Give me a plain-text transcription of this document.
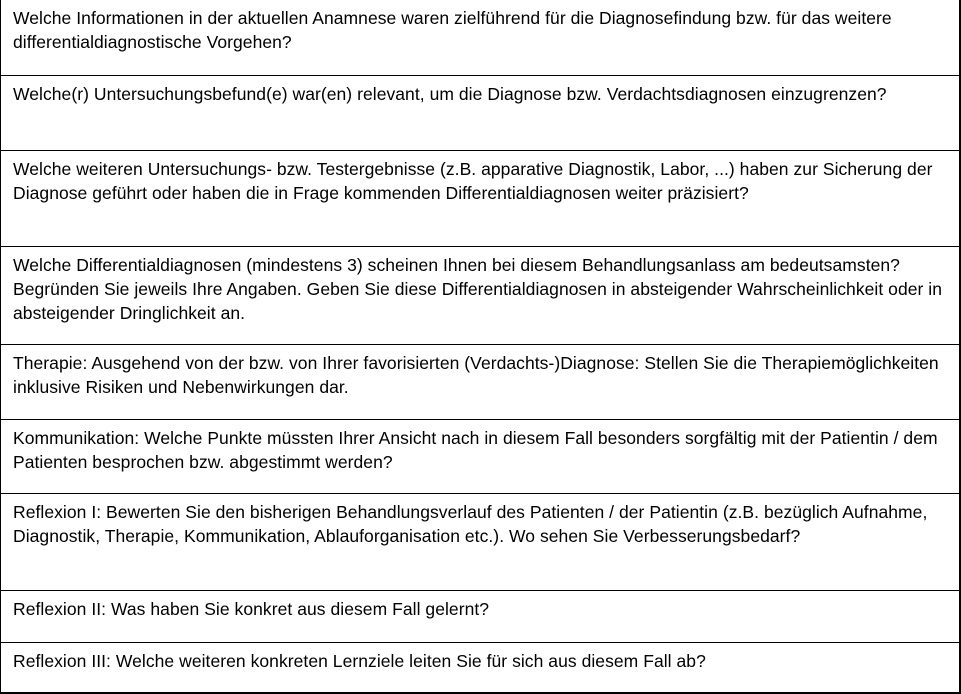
Welche Informationen in der aktuellen Anamnese waren zielführend für die Diagnosefindung bzw. für das weitere differentialdiagnostische Vorgehen?
Welche(r) Untersuchungsbefund(e) war(en) relevant, um die Diagnose bzw. Verdachtsdiagnosen einzugrenzen?
Welche weiteren Untersuchungs- bzw. Testergebnisse (z.B. apparative Diagnostik, Labor, ...) haben zur Sicherung der Diagnose geführt oder haben die in Frage kommenden Differentialdiagnosen weiter präzisiert?
Welche Differentialdiagnosen (mindestens 3) scheinen Ihnen bei diesem Behandlungsanlass am bedeutsamsten? Begründen Sie jeweils Ihre Angaben. Geben Sie diese Differentialdiagnosen in absteigender Wahrscheinlichkeit oder in absteigender Dringlichkeit an.
Therapie: Ausgehend von der bzw. von Ihrer favorisierten (Verdachts-)Diagnose: Stellen Sie die Therapiemöglichkeiten inklusive Risiken und Nebenwirkungen dar.
Kommunikation: Welche Punkte müssten Ihrer Ansicht nach in diesem Fall besonders sorgfältig mit der Patientin / dem Patienten besprochen bzw. abgestimmt werden?
Reflexion I: Bewerten Sie den bisherigen Behandlungsverlauf des Patienten / der Patientin (z.B. bezüglich Aufnahme, Diagnostik, Therapie, Kommunikation, Ablauforganisation etc.). Wo sehen Sie Verbesserungsbedarf?
Reflexion II: Was haben Sie konkret aus diesem Fall gelernt?
Reflexion III: Welche weiteren konkreten Lernziele leiten Sie für sich aus diesem Fall ab?
